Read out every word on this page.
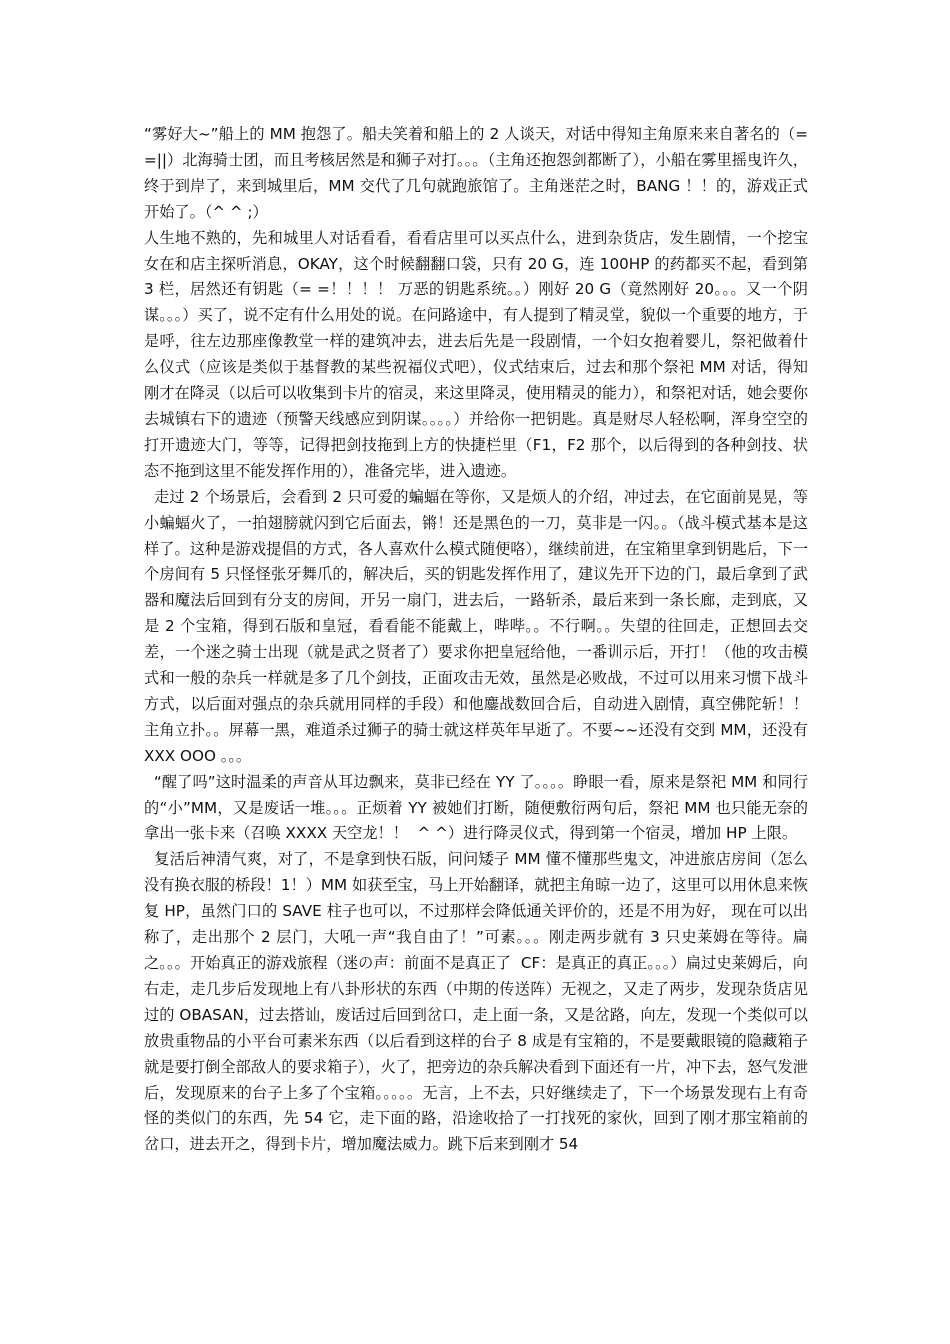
“雾好大~”船上的 MM 抱怨了。船夫笑着和船上的 2 人谈天，对话中得知主角原来来自著名的（= =||）北海骑士团，而且考核居然是和狮子对打。。。（主角还抱怨剑都断了），小船在雾里摇曳许久，终于到岸了，来到城里后，MM 交代了几句就跑旅馆了。主角迷茫之时，BANG ！！的，游戏正式开始了。（^ ^ ;）

人生地不熟的，先和城里人对话看看，看看店里可以买点什么，进到杂货店，发生剧情，一个挖宝女在和店主探听消息，OKAY，这个时候翻翻口袋，只有 20 G，连 100HP 的药都买不起，看到第 3 栏，居然还有钥匙（= =！！！！ 万恶的钥匙系统。。）刚好 20 G（竟然刚好 20。。。又一个阴谋。。。）买了，说不定有什么用处的说。在问路途中，有人提到了精灵堂，貌似一个重要的地方，于是呼，往左边那座像教堂一样的建筑冲去，进去后先是一段剧情，一个妇女抱着婴儿，祭祀做着什么仪式（应该是类似于基督教的某些祝福仪式吧），仪式结束后，过去和那个祭祀 MM 对话，得知刚才在降灵（以后可以收集到卡片的宿灵，来这里降灵，使用精灵的能力），和祭祀对话，她会要你去城镇右下的遗迹（预警天线感应到阴谋。。。。）并给你一把钥匙。真是财尽人轻松啊，浑身空空的打开遗迹大门，等等，记得把剑技拖到上方的快捷栏里（F1，F2 那个，以后得到的各种剑技、状态不拖到这里不能发挥作用的），准备完毕，进入遗迹。

走过 2 个场景后，会看到 2 只可爱的蝙蝠在等你，又是烦人的介绍，冲过去，在它面前晃晃，等小蝙蝠火了，一拍翅膀就闪到它后面去，锵！还是黑色的一刀，莫非是一闪。。（战斗模式基本是这样了。这种是游戏提倡的方式，各人喜欢什么模式随便咯），继续前进，在宝箱里拿到钥匙后，下一个房间有 5 只怪怪张牙舞爪的，解决后，买的钥匙发挥作用了，建议先开下边的门，最后拿到了武器和魔法后回到有分支的房间，开另一扇门，进去后，一路斩杀，最后来到一条长廊，走到底，又是 2 个宝箱，得到石版和皇冠，看看能不能戴上，哔哔。。不行啊。。失望的往回走，正想回去交差，一个迷之骑士出现（就是武之贤者了）要求你把皇冠给他，一番训示后，开打！（他的攻击模式和一般的杂兵一样就是多了几个剑技，正面攻击无效，虽然是必败战，不过可以用来习惯下战斗方式，以后面对强点的杂兵就用同样的手段）和他鏖战数回合后，自动进入剧情，真空佛陀斩！！主角立扑。。屏幕一黑，难道杀过狮子的骑士就这样英年早逝了。不要~~还没有交到 MM，还没有 XXX OOO 。。。

“醒了吗”这时温柔的声音从耳边飘来，莫非已经在 YY 了。。。。睁眼一看，原来是祭祀 MM 和同行的“小”MM，又是废话一堆。。。正烦着 YY 被她们打断，随便敷衍两句后，祭祀 MM 也只能无奈的拿出一张卡来（召唤 XXXX 天空龙！！  ^ ^）进行降灵仪式，得到第一个宿灵，增加 HP 上限。

复活后神清气爽，对了，不是拿到快石版，问问矮子 MM 懂不懂那些鬼文，冲进旅店房间（怎么没有换衣服的桥段！1！）MM 如获至宝，马上开始翻译，就把主角晾一边了，这里可以用休息来恢复 HP，虽然门口的 SAVE 柱子也可以，不过那样会降低通关评价的，还是不用为好， 现在可以出称了，走出那个 2 层门，大吼一声“我自由了！”可素。。。刚走两步就有 3 只史莱姆在等待。扁之。。。开始真正的游戏旅程（迷の声：前面不是真正了  CF：是真正的真正。。。）扁过史莱姆后，向右走，走几步后发现地上有八卦形状的东西（中期的传送阵）无视之，又走了两步，发现杂货店见过的 OBASAN，过去搭讪，废话过后回到岔口，走上面一条，又是岔路，向左，发现一个类似可以放贵重物品的小平台可素米东西（以后看到这样的台子 8 成是有宝箱的，不是要戴眼镜的隐藏箱子就是要打倒全部敌人的要求箱子），火了，把旁边的杂兵解决看到下面还有一片，冲下去，怒气发泄后，发现原来的台子上多了个宝箱。。。。。无言，上不去，只好继续走了，下一个场景发现右上有奇怪的类似门的东西，先 54 它，走下面的路，沿途收拾了一打找死的家伙，回到了刚才那宝箱前的岔口，进去开之，得到卡片，增加魔法威力。跳下后来到刚才 54
